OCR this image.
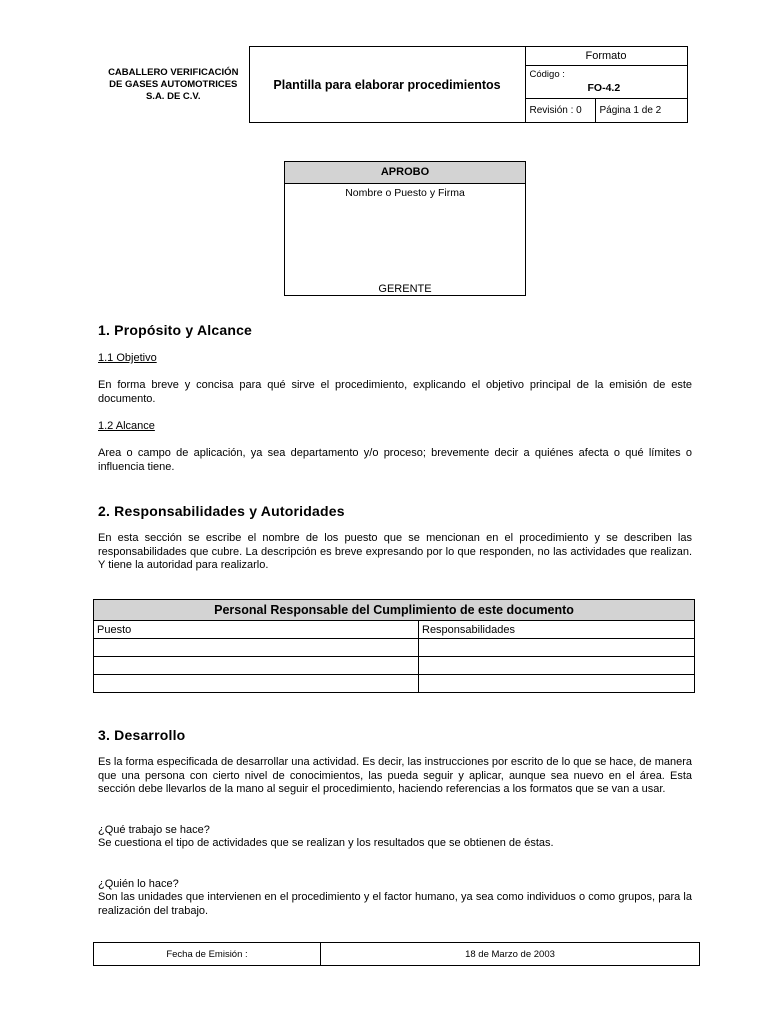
CABALLERO VERIFICACIÓN
DE GASES AUTOMOTRICES
S.A. DE C.V.	Plantilla para elaborar procedimientos	Formato	

		Código :
FO-4.2	

		Revisión : 0	Página 1 de 2
APROBO
Nombre o Puesto y Firma
GERENTE
1. Propósito y Alcance
1.1 Objetivo
En forma breve y concisa para qué sirve el procedimiento, explicando el objetivo principal de la emisión de este documento.
1.2 Alcance
Area o campo de aplicación, ya sea departamento y/o proceso; brevemente decir a quiénes afecta o qué límites o influencia tiene.
2. Responsabilidades y Autoridades
En esta sección se escribe el nombre de los puesto que se mencionan en el procedimiento y se describen las responsabilidades que cubre. La descripción es breve expresando por lo que responden, no las actividades que realizan. Y tiene la autoridad para realizarlo.
Personal Responsable del Cumplimiento de este documento	
Puesto	Responsabilidades

3. Desarrollo
Es la forma especificada de desarrollar una actividad. Es decir, las instrucciones por escrito de lo que se hace, de manera que una persona con cierto nivel de conocimientos, las pueda seguir y aplicar, aunque sea nuevo en el área. Esta sección debe llevarlos de la mano al seguir el procedimiento, haciendo referencias a los formatos que se van a usar.
¿Qué trabajo se hace?
Se cuestiona el tipo de actividades que se realizan y los resultados que se obtienen de éstas.
¿Quién lo hace?
Son las unidades que intervienen en el procedimiento y el factor humano, ya sea como individuos o como grupos, para la realización del trabajo.
Fecha de Emisión :	18 de Marzo de 2003
